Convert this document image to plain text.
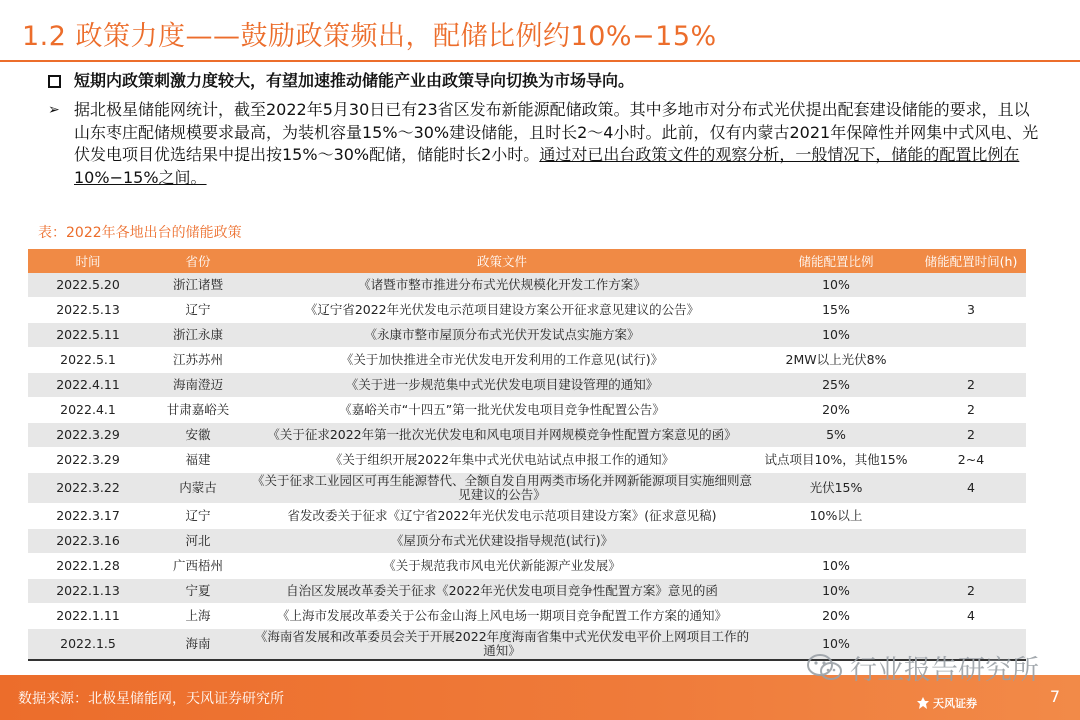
1.2 政策力度——鼓励政策频出，配储比例约10%−15%
短期内政策刺激力度较大，有望加速推动储能产业由政策导向切换为市场导向。
➢ 据北极星储能网统计，截至2022年5月30日已有23省区发布新能源配储政策。其中多地市对分布式光伏提出配套建设储能的要求，且以山东枣庄配储规模要求最高，为装机容量15%～30%建设储能，且时长2～4小时。此前，仅有内蒙古2021年保障性并网集中式风电、光伏发电项目优选结果中提出按15%～30%配储，储能时长2小时。通过对已出台政策文件的观察分析，一般情况下，储能的配置比例在10%−15%之间。
表：2022年各地出台的储能政策
时间	省份	政策文件	储能配置比例	储能配置时间(h)
2022.5.20	浙江诸暨	《诸暨市整市推进分布式光伏规模化开发工作方案》	10%	
2022.5.13	辽宁	《辽宁省2022年光伏发电示范项目建设方案公开征求意见建议的公告》	15%	3
2022.5.11	浙江永康	《永康市整市屋顶分布式光伏开发试点实施方案》	10%	
2022.5.1	江苏苏州	《关于加快推进全市光伏发电开发利用的工作意见(试行)》	2MW以上光伏8%	
2022.4.11	海南澄迈	《关于进一步规范集中式光伏发电项目建设管理的通知》	25%	2
2022.4.1	甘肃嘉峪关	《嘉峪关市“十四五”第一批光伏发电项目竞争性配置公告》	20%	2
2022.3.29	安徽	《关于征求2022年第一批次光伏发电和风电项目并网规模竞争性配置方案意见的函》	5%	2
2022.3.29	福建	《关于组织开展2022年集中式光伏电站试点申报工作的通知》	试点项目10%，其他15%	2~4
2022.3.22	内蒙古	《关于征求工业园区可再生能源替代、全额自发自用两类市场化并网新能源项目实施细则意见建议的公告》	光伏15%	4
2022.3.17	辽宁	省发改委关于征求《辽宁省2022年光伏发电示范项目建设方案》(征求意见稿)	10%以上	
2022.3.16	河北	《屋顶分布式光伏建设指导规范(试行)》		
2022.1.28	广西梧州	《关于规范我市风电光伏新能源产业发展》	10%	
2022.1.13	宁夏	自治区发展改革委关于征求《2022年光伏发电项目竞争性配置方案》意见的函	10%	2
2022.1.11	上海	《上海市发展改革委关于公布金山海上风电场一期项目竞争配置工作方案的通知》	20%	4
2022.1.5	海南	《海南省发展和改革委员会关于开展2022年度海南省集中式光伏发电平价上网项目工作的通知》	10%	
数据来源：北极星储能网，天风证券研究所
行业报告研究所
天风证券	7
